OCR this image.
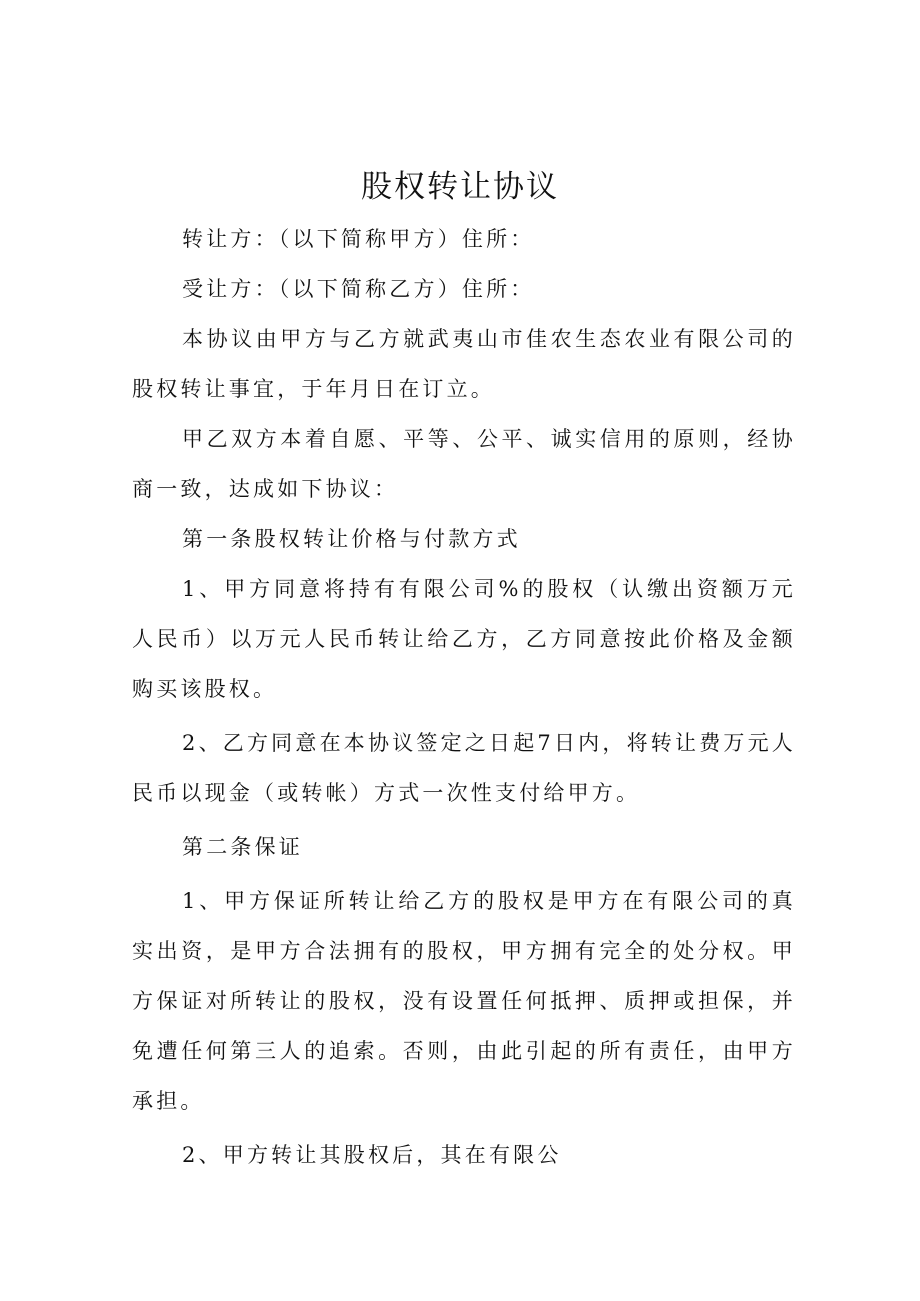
股权转让协议

转让方：（以下简称甲方）住所：

受让方：（以下简称乙方）住所：

本协议由甲方与乙方就武夷山市佳农生态农业有限公司的股权转让事宜，于年月日在订立。

甲乙双方本着自愿、平等、公平、诚实信用的原则，经协商一致，达成如下协议：

第一条股权转让价格与付款方式

1、甲方同意将持有有限公司%的股权（认缴出资额万元人民币）以万元人民币转让给乙方，乙方同意按此价格及金额购买该股权。

2、乙方同意在本协议签定之日起7日内，将转让费万元人民币以现金（或转帐）方式一次性支付给甲方。

第二条保证

1、甲方保证所转让给乙方的股权是甲方在有限公司的真实出资，是甲方合法拥有的股权，甲方拥有完全的处分权。甲方保证对所转让的股权，没有设置任何抵押、质押或担保，并免遭任何第三人的追索。否则，由此引起的所有责任，由甲方承担。

2、甲方转让其股权后，其在有限公
